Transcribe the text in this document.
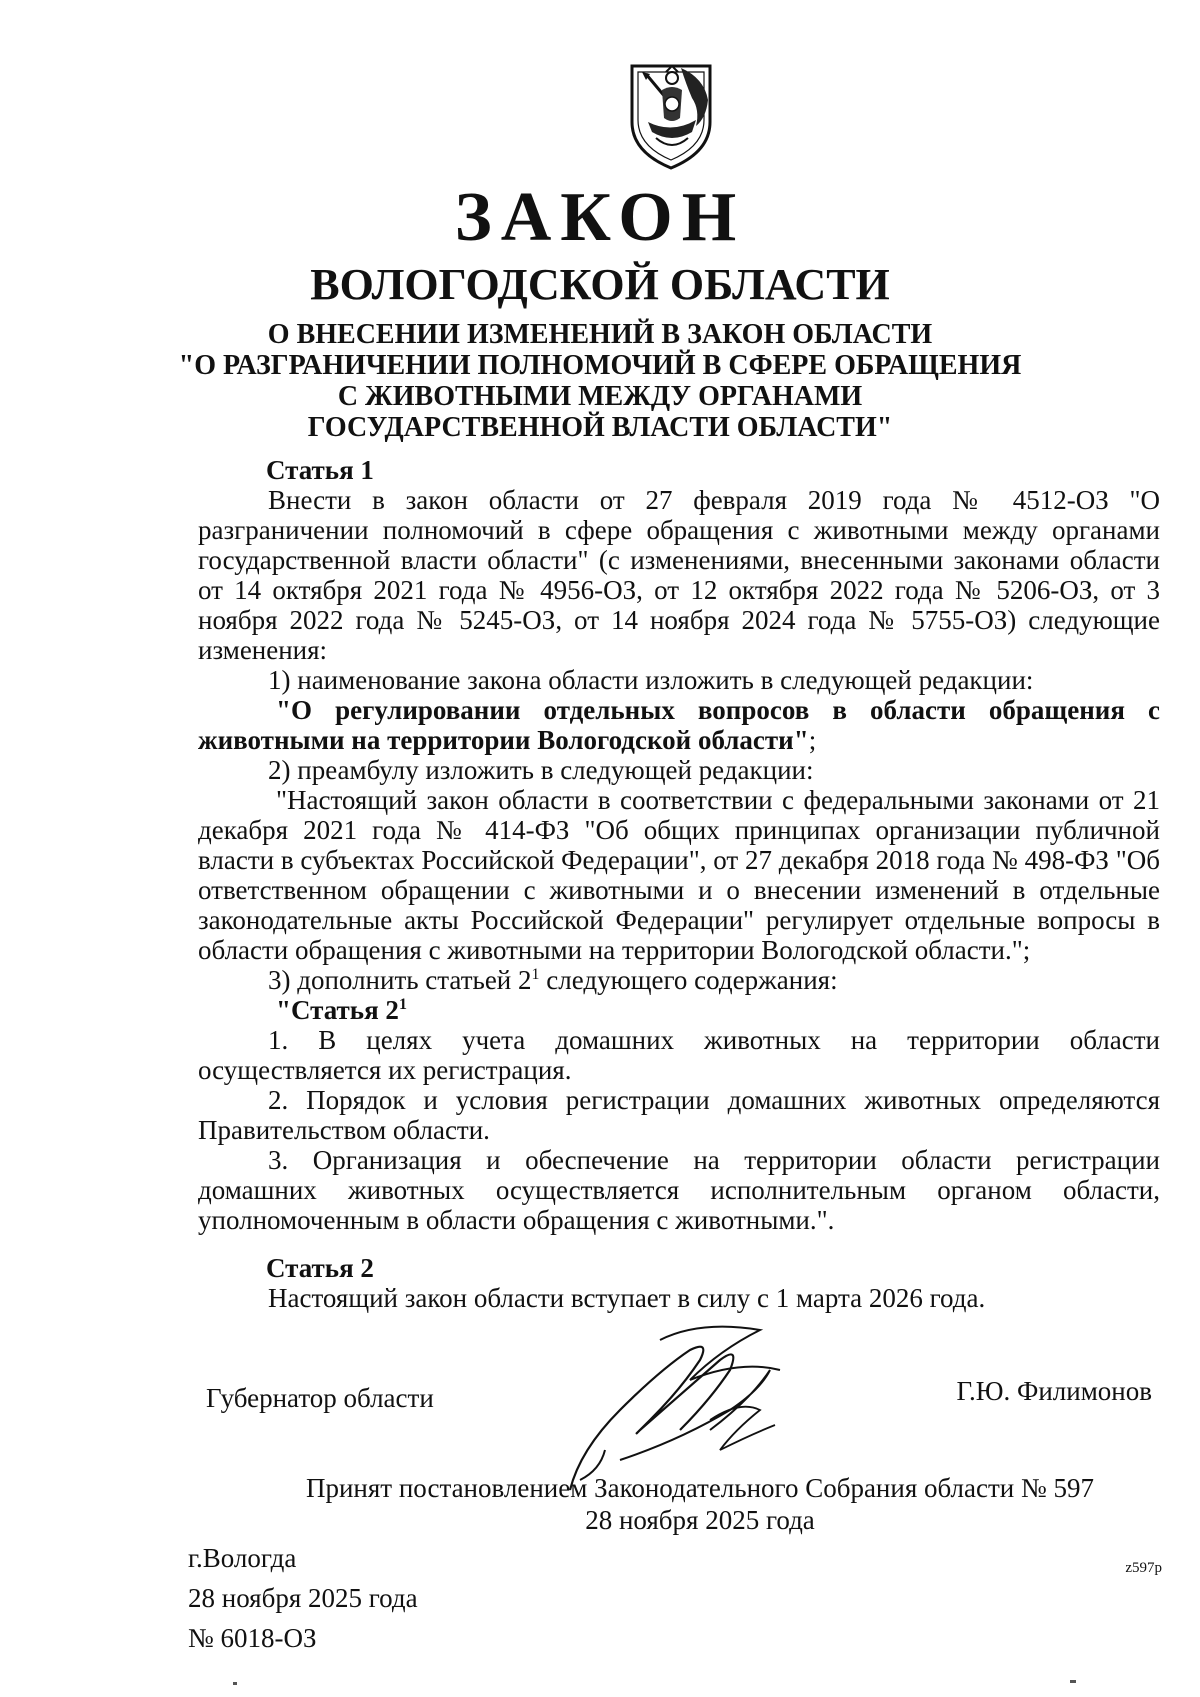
ЗАКОН
ВОЛОГОДСКОЙ ОБЛАСТИ
О ВНЕСЕНИИ ИЗМЕНЕНИЙ В ЗАКОН ОБЛАСТИ
"О РАЗГРАНИЧЕНИИ ПОЛНОМОЧИЙ В СФЕРЕ ОБРАЩЕНИЯ
С ЖИВОТНЫМИ МЕЖДУ ОРГАНАМИ
ГОСУДАРСТВЕННОЙ ВЛАСТИ ОБЛАСТИ"

Статья 1

Внести в закон области от 27 февраля 2019 года № 4512-ОЗ "О разграничении полномочий в сфере обращения с животными между органами государственной власти области" (с изменениями, внесенными законами области от 14 октября 2021 года № 4956-ОЗ, от 12 октября 2022 года № 5206-ОЗ, от 3 ноября 2022 года № 5245-ОЗ, от 14 ноября 2024 года № 5755-ОЗ) следующие изменения:

1) наименование закона области изложить в следующей редакции:

"О регулировании отдельных вопросов в области обращения с животными на территории Вологодской области";

2) преамбулу изложить в следующей редакции:

"Настоящий закон области в соответствии с федеральными законами от 21 декабря 2021 года № 414-ФЗ "Об общих принципах организации публичной власти в субъектах Российской Федерации", от 27 декабря 2018 года № 498-ФЗ "Об ответственном обращении с животными и о внесении изменений в отдельные законодательные акты Российской Федерации" регулирует отдельные вопросы в области обращения с животными на территории Вологодской области.";

3) дополнить статьей $2^1$ следующего содержания:

"Статья $2^1$

1. В целях учета домашних животных на территории области осуществляется их регистрация.

2. Порядок и условия регистрации домашних животных определяются Правительством области.

3. Организация и обеспечение на территории области регистрации домашних животных осуществляется исполнительным органом области, уполномоченным в области обращения с животными.".

Статья 2

Настоящий закон области вступает в силу с 1 марта 2026 года.

Губернатор области	Г.Ю. Филимонов
Принят постановлением Законодательного Собрания области № 597
28 ноября 2025 года
г.Вологда
28 ноября 2025 года
№ 6018-ОЗ
z597p
